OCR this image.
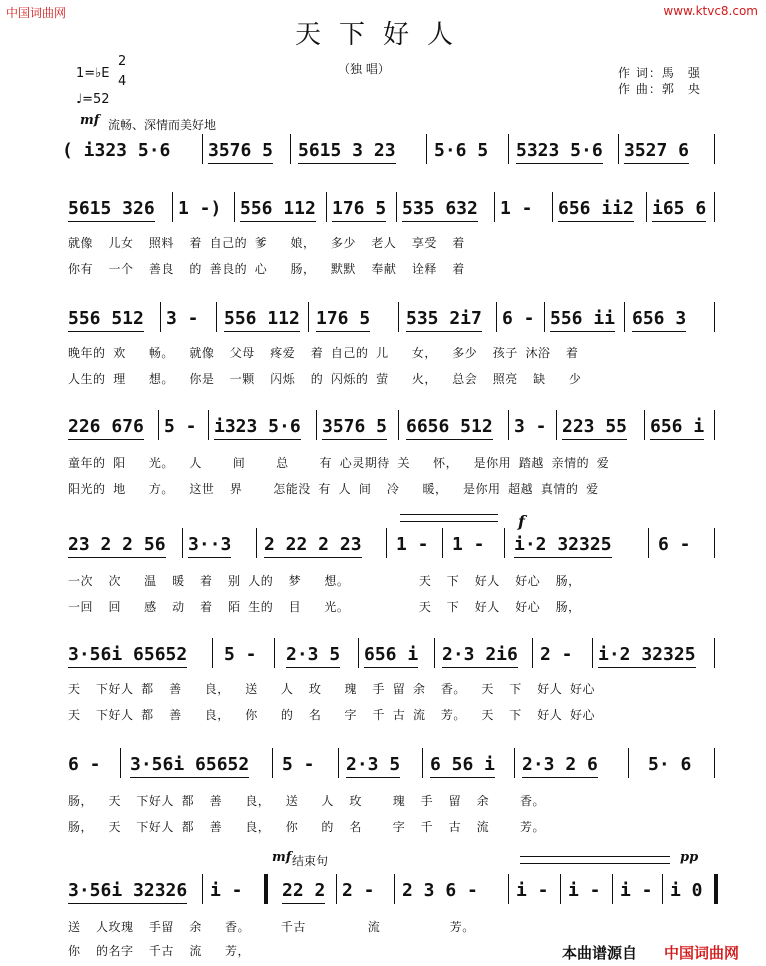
中国词曲网	www.ktvc8.com
天下好人
（独 唱）	作 词：馬　强
作 曲：郭　央
1=♭E
2
4
♩=52
mf 流畅、深情而美好地
( i323 5·6 3576 5 5615 3 23 5·6 5 5323 5·6 3527 6
5615 326 1 -) 556 112 176 5 535 632 1 - 656 ii2 i65 6
就像  儿女  照料  着 自己的 爹   娘，  多少  老人  享受  着
你有  一个  善良  的 善良的 心   肠，  默默  奉献  诠释  着
556 512 3 - 556 112 176 5 535 2i7 6 - 556 ii 656 3
晚年的 欢   畅。  就像  父母  疼爱  着 自己的 儿   女，  多少  孩子 沐浴  着
人生的 理   想。  你是  一颗  闪烁  的 闪烁的 萤   火，  总会  照亮  缺   少
226 676 5 - i323 5·6 3576 5 6656 512 3 - 223 55 656 i
童年的 阳   光。  人    间    总    有 心灵期待 关   怀，  是你用 踏越 亲情的 爱
阳光的 地   方。  这世  界    怎能没 有 人 间  冷   暖，  是你用 超越 真情的 爱
f
23 2 2 56 3··3 2 22 2 23 1 - 1 - i·2 32325	6 -
一次  次   温  暖  着  别 人的  梦   想。         天  下  好人  好心  肠，
一回  回   感  动  着  陌 生的  目   光。         天  下  好人  好心  肠，
3·56i 65652 5 - 2·3 5 656 i 2·3 2i6 2 - i·2 32325
天  下好人 都  善   良，  送   人  玫   瑰  手 留 余  香。  天  下  好人 好心
天  下好人 都  善   良，  你   的  名   字  千 古 流  芳。  天  下  好人 好心
6 - 3·56i 65652 5 - 2·3 5 6 56 i 2·3 2 6	5· 6
肠，  天  下好人 都  善   良，  送   人  玫    瑰  手  留  余    香。
肠，  天  下好人 都  善   良，  你   的  名    字  千  古  流    芳。
mf 结束句	pp
3·56i 32326 i - 22 2 2 - 2 3 6 - i - i - i - i 0
送  人玫瑰  手留  余   香。    千古        流         芳。
你  的名字  千古  流   芳，	本曲谱源自 中国词曲网
